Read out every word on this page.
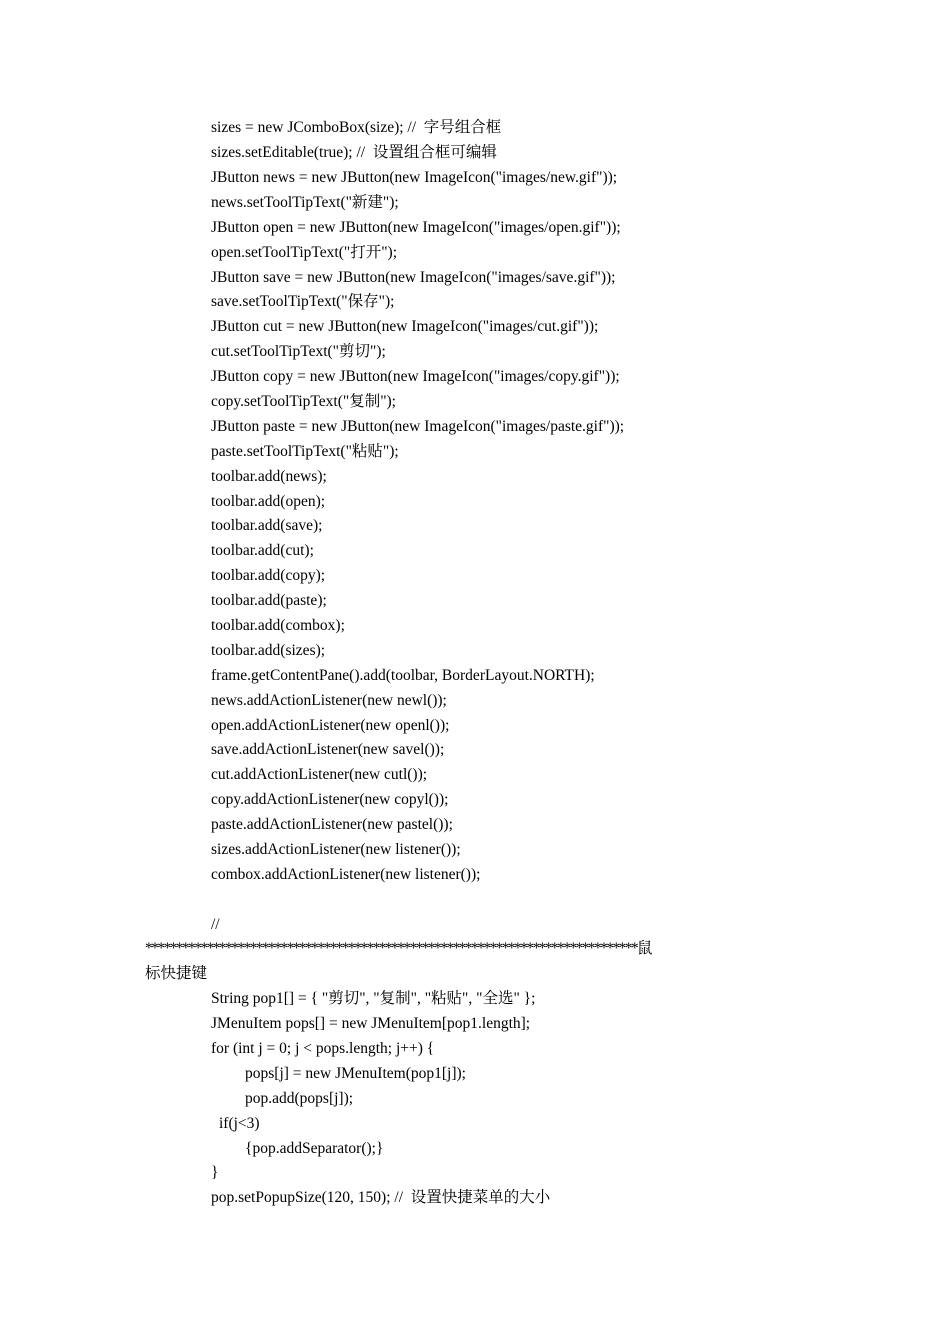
sizes = new JComboBox(size); //  字号组合框
sizes.setEditable(true); //  设置组合框可编辑
JButton news = new JButton(new ImageIcon("images/new.gif"));
news.setToolTipText("新建");
JButton open = new JButton(new ImageIcon("images/open.gif"));
open.setToolTipText("打开");
JButton save = new JButton(new ImageIcon("images/save.gif"));
save.setToolTipText("保存");
JButton cut = new JButton(new ImageIcon("images/cut.gif"));
cut.setToolTipText("剪切");
JButton copy = new JButton(new ImageIcon("images/copy.gif"));
copy.setToolTipText("复制");
JButton paste = new JButton(new ImageIcon("images/paste.gif"));
paste.setToolTipText("粘贴");
toolbar.add(news);
toolbar.add(open);
toolbar.add(save);
toolbar.add(cut);
toolbar.add(copy);
toolbar.add(paste);
toolbar.add(combox);
toolbar.add(sizes);
frame.getContentPane().add(toolbar, BorderLayout.NORTH);
news.addActionListener(new newl());
open.addActionListener(new openl());
save.addActionListener(new savel());
cut.addActionListener(new cutl());
copy.addActionListener(new copyl());
paste.addActionListener(new pastel());
sizes.addActionListener(new listener());
combox.addActionListener(new listener());
//
********************************************************************************鼠
标快捷键
String pop1[] = { "剪切", "复制", "粘贴", "全选" };
JMenuItem pops[] = new JMenuItem[pop1.length];
for (int j = 0; j < pops.length; j++) {
pops[j] = new JMenuItem(pop1[j]);
pop.add(pops[j]);
if(j<3)
{pop.addSeparator();}
}
pop.setPopupSize(120, 150); //  设置快捷菜单的大小
